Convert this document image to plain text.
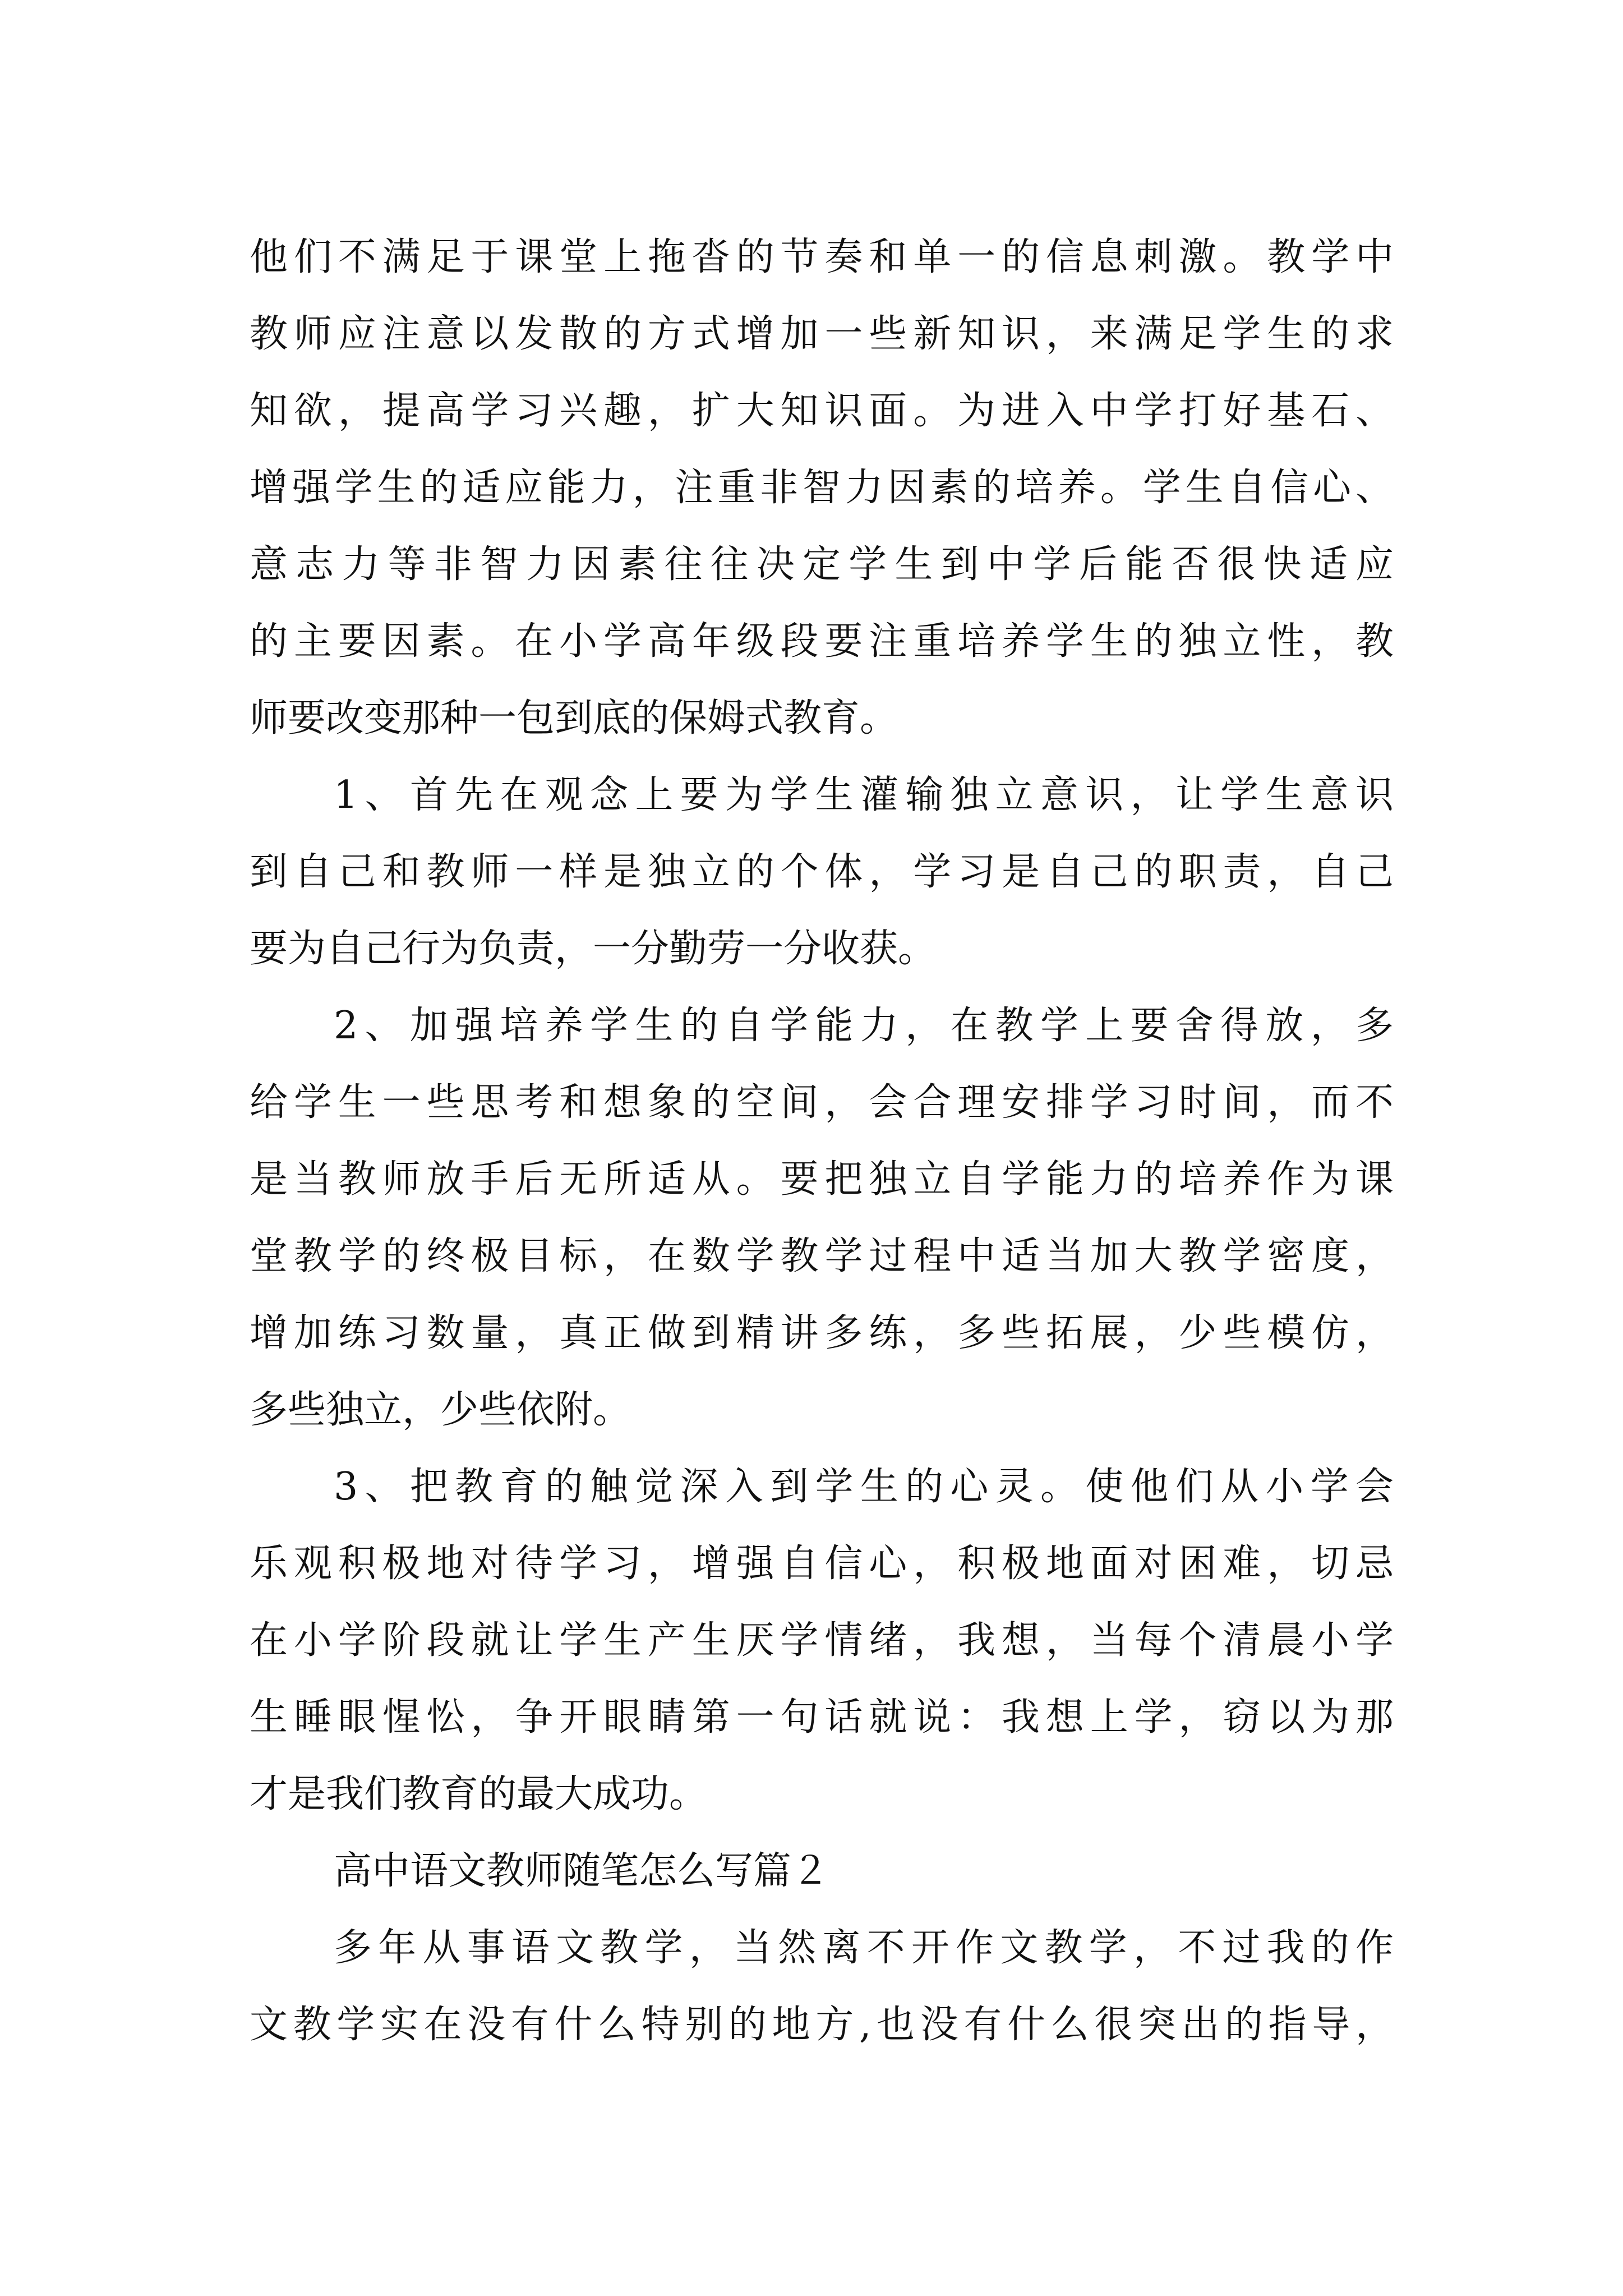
他们不满足于课堂上拖沓的节奏和单一的信息刺激。教学中
教师应注意以发散的方式增加一些新知识，来满足学生的求
知欲，提高学习兴趣，扩大知识面。为进入中学打好基石、
增强学生的适应能力，注重非智力因素的培养。学生自信心、
意志力等非智力因素往往决定学生到中学后能否很快适应
的主要因素。在小学高年级段要注重培养学生的独立性，教
师要改变那种一包到底的保姆式教育。
1、首先在观念上要为学生灌输独立意识，让学生意识
到自己和教师一样是独立的个体，学习是自己的职责，自己
要为自己行为负责，一分勤劳一分收获。
2、加强培养学生的自学能力，在教学上要舍得放，多
给学生一些思考和想象的空间，会合理安排学习时间，而不
是当教师放手后无所适从。要把独立自学能力的培养作为课
堂教学的终极目标，在数学教学过程中适当加大教学密度，
增加练习数量，真正做到精讲多练，多些拓展，少些模仿，
多些独立，少些依附。
3、把教育的触觉深入到学生的心灵。使他们从小学会
乐观积极地对待学习，增强自信心，积极地面对困难，切忌
在小学阶段就让学生产生厌学情绪，我想，当每个清晨小学
生睡眼惺忪，争开眼睛第一句话就说：我想上学，窃以为那
才是我们教育的最大成功。
高中语文教师随笔怎么写篇２
多年从事语文教学，当然离不开作文教学，不过我的作
文教学实在没有什么特别的地方,也没有什么很突出的指导，
